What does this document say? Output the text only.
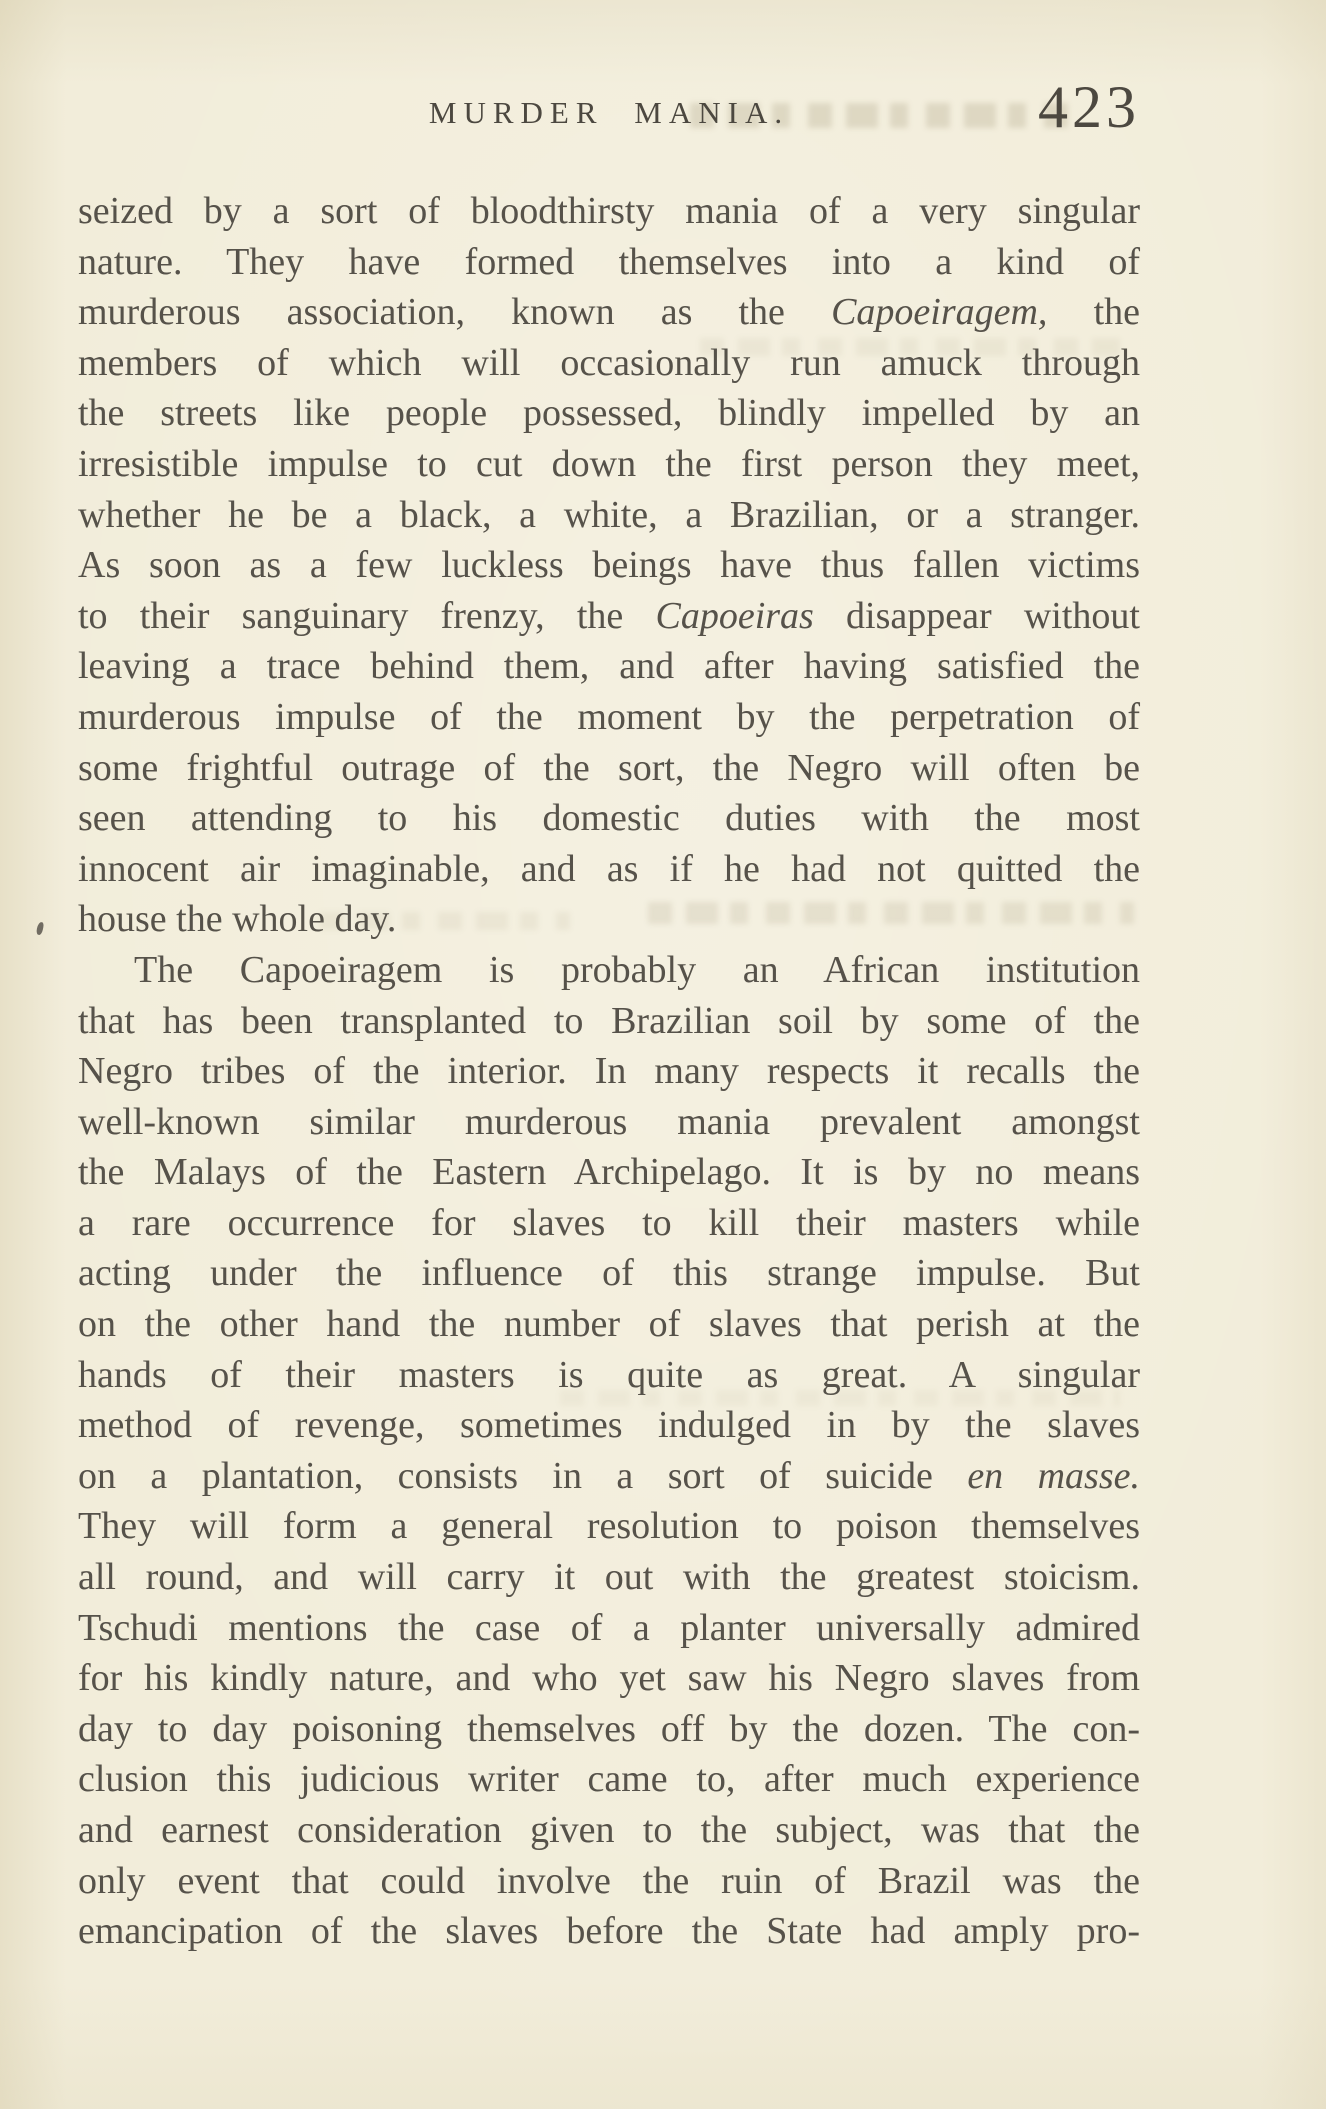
MURDER MANIA.	423
seized by a sort of bloodthirsty mania of a very singular
nature. They have formed themselves into a kind of
murderous association, known as the Capoeiragem, the
members of which will occasionally run amuck through
the streets like people possessed, blindly impelled by an
irresistible impulse to cut down the first person they meet,
whether he be a black, a white, a Brazilian, or a stranger.
As soon as a few luckless beings have thus fallen victims
to their sanguinary frenzy, the Capoeiras disappear without
leaving a trace behind them, and after having satisfied the
murderous impulse of the moment by the perpetration of
some frightful outrage of the sort, the Negro will often be
seen attending to his domestic duties with the most
innocent air imaginable, and as if he had not quitted the
house the whole day.
The Capoeiragem is probably an African institution
that has been transplanted to Brazilian soil by some of the
Negro tribes of the interior. In many respects it recalls the
well-known similar murderous mania prevalent amongst
the Malays of the Eastern Archipelago. It is by no means
a rare occurrence for slaves to kill their masters while
acting under the influence of this strange impulse. But
on the other hand the number of slaves that perish at the
hands of their masters is quite as great. A singular
method of revenge, sometimes indulged in by the slaves
on a plantation, consists in a sort of suicide en masse.
They will form a general resolution to poison themselves
all round, and will carry it out with the greatest stoicism.
Tschudi mentions the case of a planter universally admired
for his kindly nature, and who yet saw his Negro slaves from
day to day poisoning themselves off by the dozen. The con-
clusion this judicious writer came to, after much experience
and earnest consideration given to the subject, was that the
only event that could involve the ruin of Brazil was the
emancipation of the slaves before the State had amply pro-
